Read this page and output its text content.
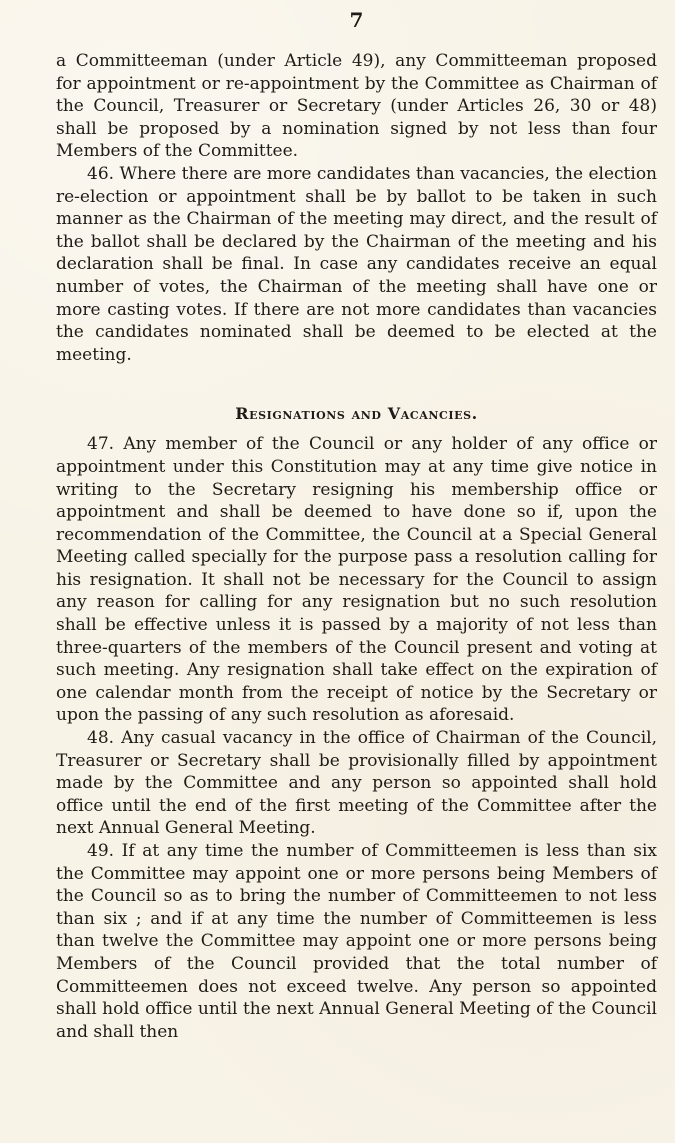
7

a Committeeman (under Article 49), any Committeeman proposed for appointment or re-appointment by the Committee as Chairman of the Council, Treasurer or Secretary (under Articles 26, 30 or 48) shall be proposed by a nomination signed by not less than four Members of the Committee.

46. Where there are more candidates than vacancies, the election re-election or appointment shall be by ballot to be taken in such manner as the Chairman of the meeting may direct, and the result of the ballot shall be declared by the Chairman of the meeting and his declaration shall be final. In case any candidates receive an equal number of votes, the Chairman of the meeting shall have one or more casting votes. If there are not more candidates than vacancies the candidates nominated shall be deemed to be elected at the meeting.

Resignations and Vacancies.

47. Any member of the Council or any holder of any office or appointment under this Constitution may at any time give notice in writing to the Secretary resigning his membership office or appointment and shall be deemed to have done so if, upon the recommendation of the Committee, the Council at a Special General Meeting called specially for the purpose pass a resolution calling for his resignation. It shall not be necessary for the Council to assign any reason for calling for any resignation but no such resolution shall be effective unless it is passed by a majority of not less than three-quarters of the members of the Council present and voting at such meeting. Any resignation shall take effect on the expiration of one calendar month from the receipt of notice by the Secretary or upon the passing of any such resolution as aforesaid.

48. Any casual vacancy in the office of Chairman of the Council, Treasurer or Secretary shall be provisionally filled by appointment made by the Committee and any person so appointed shall hold office until the end of the first meeting of the Committee after the next Annual General Meeting.

49. If at any time the number of Committeemen is less than six the Committee may appoint one or more persons being Members of the Council so as to bring the number of Committeemen to not less than six ; and if at any time the number of Committeemen is less than twelve the Committee may appoint one or more persons being Members of the Council provided that the total number of Committeemen does not exceed twelve. Any person so appointed shall hold office until the next Annual General Meeting of the Council and shall then
